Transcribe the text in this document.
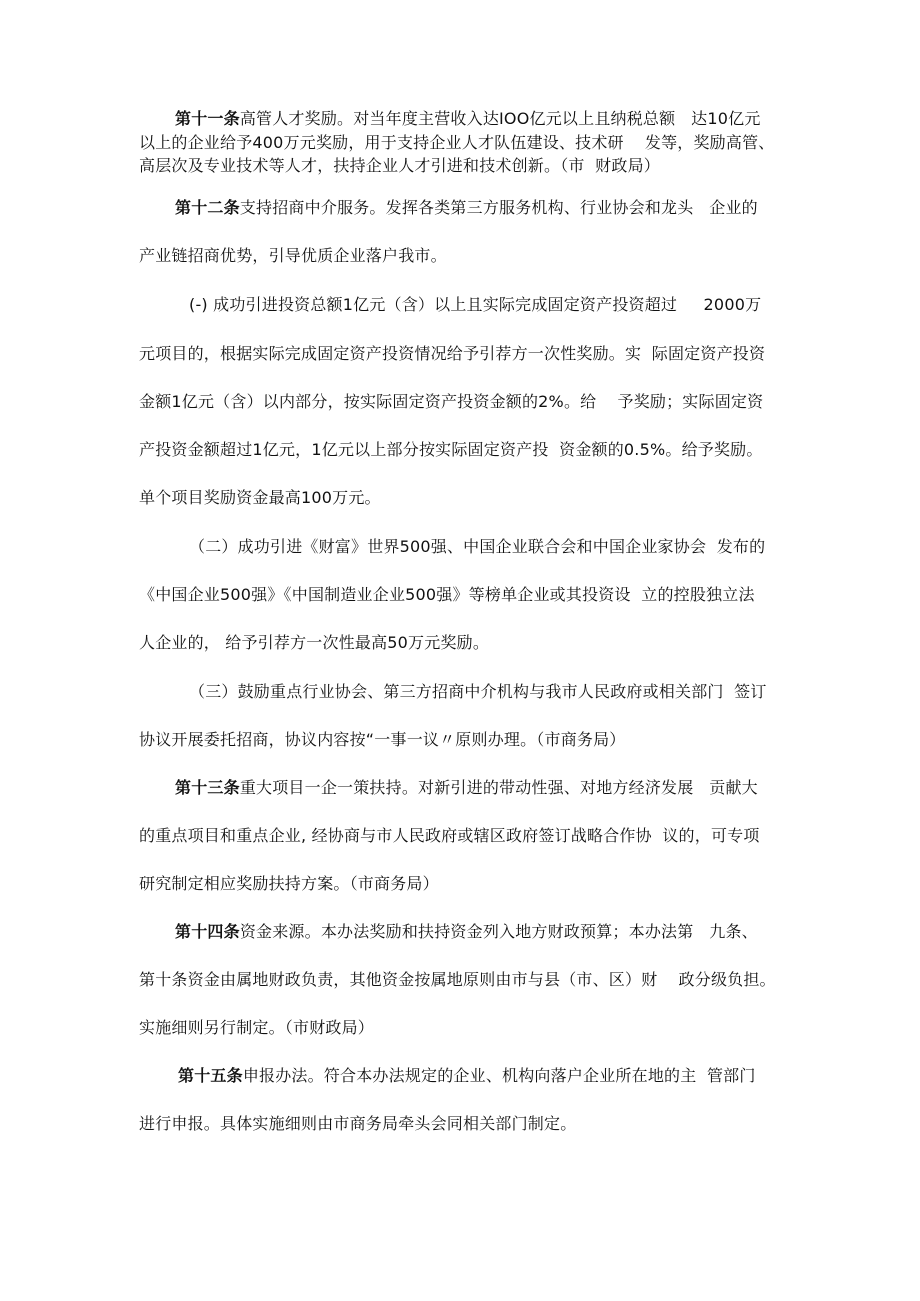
第十一条高管人才奖励。对当年度主营收入达IOO亿元以上且纳税总额   达10亿元
以上的企业给予400万元奖励，用于支持企业人才队伍建设、技术研    发等，奖励高管、
高层次及专业技术等人才，扶持企业人才引进和技术创新。（市  财政局）
第十二条支持招商中介服务。发挥各类第三方服务机构、行业协会和龙头   企业的
产业链招商优势，引导优质企业落户我市。
(-) 成功引进投资总额1亿元（含）以上且实际完成固定资产投资超过     2000万
元项目的，根据实际完成固定资产投资情况给予引荐方一次性奖励。实  际固定资产投资
金额1亿元（含）以内部分，按实际固定资产投资金额的2%。给    予奖励；实际固定资
产投资金额超过1亿元，1亿元以上部分按实际固定资产投  资金额的0.5%。给予奖励。
单个项目奖励资金最高100万元。
（二）成功引进《财富》世界500强、中国企业联合会和中国企业家协会  发布的
《中国企业500强》《中国制造业企业500强》等榜单企业或其投资设  立的控股独立法
人企业的， 给予引荐方一次性最高50万元奖励。
（三）鼓励重点行业协会、第三方招商中介机构与我市人民政府或相关部门  签订
协议开展委托招商，协议内容按“一事一议〃原则办理。（市商务局）
第十三条重大项目一企一策扶持。对新引进的带动性强、对地方经济发展   贡献大
的重点项目和重点企业, 经协商与市人民政府或辖区政府签订战略合作协  议的，可专项
研究制定相应奖励扶持方案。（市商务局）
第十四条资金来源。本办法奖励和扶持资金列入地方财政预算；本办法第   九条、
第十条资金由属地财政负责，其他资金按属地原则由市与县（市、区）财    政分级负担。
实施细则另行制定。（市财政局）
第十五条申报办法。符合本办法规定的企业、机构向落户企业所在地的主  管部门
进行申报。具体实施细则由市商务局牵头会同相关部门制定。
